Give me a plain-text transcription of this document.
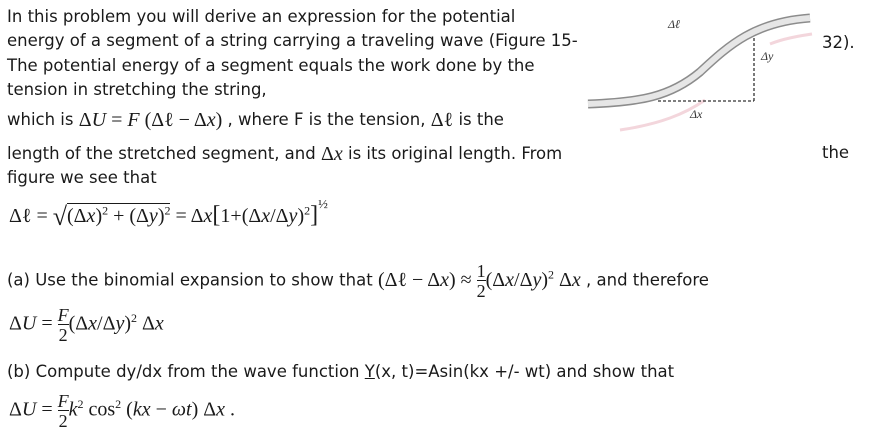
In this problem you will derive an expression for the potential
energy of a segment of a string carrying a traveling wave (Figure 15-
The potential energy of a segment equals the work done by the
tension in stretching the string,
32).
which is ΔU = F (Δℓ − Δx) , where F is the tension, Δℓ is the
length of the stretched segment, and Δx is its original length. From	the
figure we see that
Δℓ = $√(\Delta x)^2 + (\Delta y)^2 = \Delta x[1+(\Delta x/\Delta y)^2]^{\frac{1}{2}}$
(a) Use the binomial expansion to show that (Δℓ − $\Delta x) \approx \frac{1}{2} (\Delta x/\Delta y)^2$ Δx , and therefore
$\Delta U = \frac{F}{2} (\Delta x/\Delta y)^2$ Δx
(b) Compute dy/dx from the wave function Y(x, t)=Asin(kx +/- wt) and show that
$\Delta U = \frac{F}{2} k^2$ $\cos^2 (kx - \omega t)$ Δx .
Δℓ
Δy
Δx
